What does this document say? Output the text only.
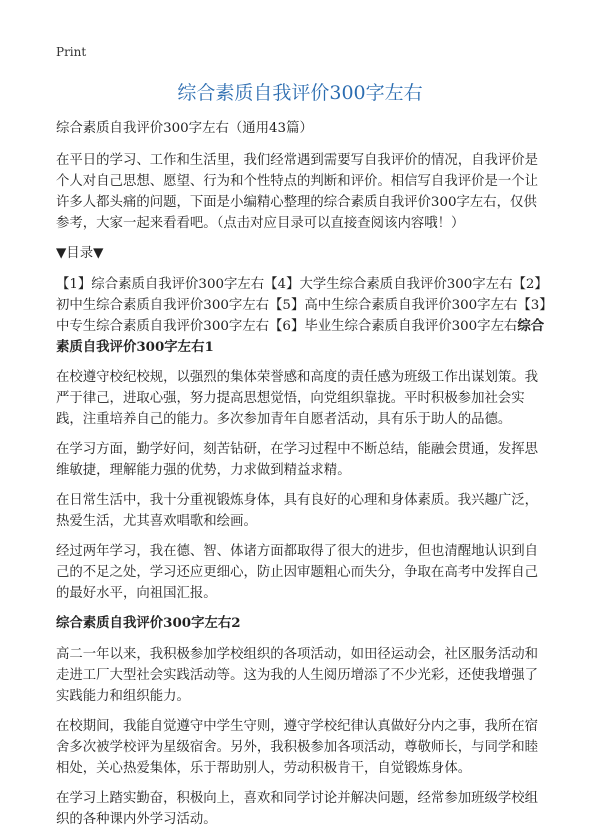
Print
综合素质自我评价300字左右

综合素质自我评价300字左右（通用43篇）

在平日的学习、工作和生活里，我们经常遇到需要写自我评价的情况，自我评价是个人对自己思想、愿望、行为和个性特点的判断和评价。相信写自我评价是一个让许多人都头痛的问题，下面是小编精心整理的综合素质自我评价300字左右，仅供参考，大家一起来看看吧。（点击对应目录可以直接查阅该内容哦！）

▼目录▼

【1】综合素质自我评价300字左右【4】大学生综合素质自我评价300字左右【2】初中生综合素质自我评价300字左右【5】高中生综合素质自我评价300字左右【3】中专生综合素质自我评价300字左右【6】毕业生综合素质自我评价300字左右综合素质自我评价300字左右1

在校遵守校纪校规，以强烈的集体荣誉感和高度的责任感为班级工作出谋划策。我严于律己，进取心强，努力提高思想觉悟，向党组织靠拢。平时积极参加社会实践，注重培养自己的能力。多次参加青年自愿者活动，具有乐于助人的品德。

在学习方面，勤学好问，刻苦钻研，在学习过程中不断总结，能融会贯通，发挥思维敏捷，理解能力强的优势，力求做到精益求精。

在日常生活中，我十分重视锻炼身体，具有良好的心理和身体素质。我兴趣广泛，热爱生活，尤其喜欢唱歌和绘画。

经过两年学习，我在德、智、体诸方面都取得了很大的进步，但也清醒地认识到自己的不足之处，学习还应更细心，防止因审题粗心而失分，争取在高考中发挥自己的最好水平，向祖国汇报。

综合素质自我评价300字左右2

高二一年以来，我积极参加学校组织的各项活动，如田径运动会，社区服务活动和走进工厂大型社会实践活动等。这为我的人生阅历增添了不少光彩，还使我增强了实践能力和组织能力。

在校期间，我能自觉遵守中学生守则，遵守学校纪律认真做好分内之事，我所在宿舍多次被学校评为星级宿舍。另外，我积极参加各项活动，尊敬师长，与同学和睦相处，关心热爱集体，乐于帮助别人，劳动积极肯干，自觉锻炼身体。

在学习上踏实勤奋，积极向上，喜欢和同学讨论并解决问题，经常参加班级学校组织的各种课内外学习活动。
